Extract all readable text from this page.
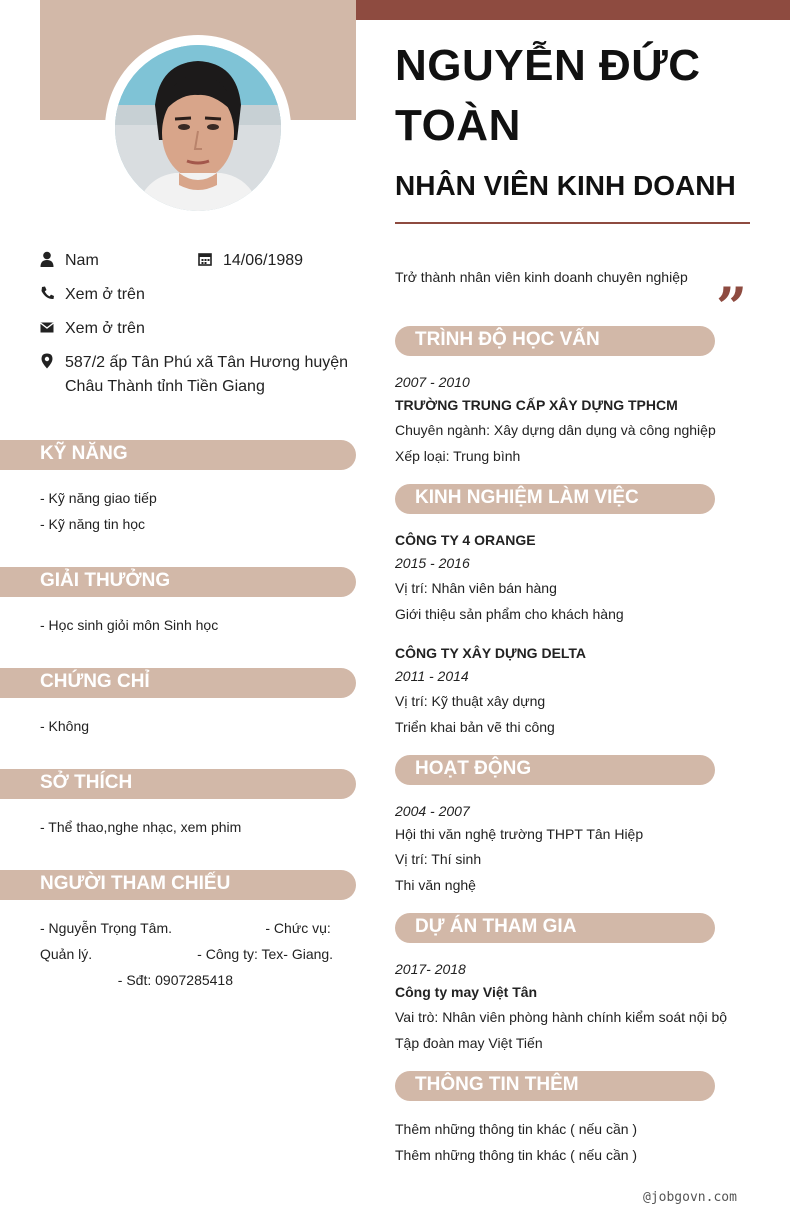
NGUYỄN ĐỨC TOÀN
NHÂN VIÊN KINH DOANH
Trở thành nhân viên kinh doanh chuyên nghiệp ”
Nam	14/06/1989
Xem ở trên
Xem ở trên
587/2 ấp Tân Phú xã Tân Hương huyện Châu Thành tỉnh Tiền Giang
KỸ NĂNG
- Kỹ năng giao tiếp
- Kỹ năng tin học
GIẢI THƯỞNG
- Học sinh giỏi môn Sinh học
CHỨNG CHỈ
- Không
SỞ THÍCH
- Thể thao,nghe nhạc, xem phim
NGƯỜI THAM CHIẾU
- Nguyễn Trọng Tâm.                        - Chức vụ:
Quản lý.                           - Công ty: Tex- Giang.
- Sđt: 0907285418
TRÌNH ĐỘ HỌC VẤN
2007 - 2010
TRƯỜNG TRUNG CẤP XÂY DỰNG TPHCM
Chuyên ngành: Xây dựng dân dụng và công nghiệp
Xếp loại: Trung bình
KINH NGHIỆM LÀM VIỆC
CÔNG TY 4 ORANGE
2015 - 2016
Vị trí: Nhân viên bán hàng
Giới thiệu sản phẩm cho khách hàng
CÔNG TY XÂY DỰNG DELTA
2011 - 2014
Vị trí: Kỹ thuật xây dựng
Triển khai bản vẽ thi công
HOẠT ĐỘNG
2004 - 2007
Hội thi văn nghệ trường THPT Tân Hiệp
Vị trí: Thí sinh
Thi văn nghệ
DỰ ÁN THAM GIA
2017- 2018
Công ty may Việt Tân
Vai trò: Nhân viên phòng hành chính kiểm soát nội bộ
Tập đoàn may Việt Tiến
THÔNG TIN THÊM
Thêm những thông tin khác ( nếu cần )
Thêm những thông tin khác ( nếu cần )
@jobgovn.com
